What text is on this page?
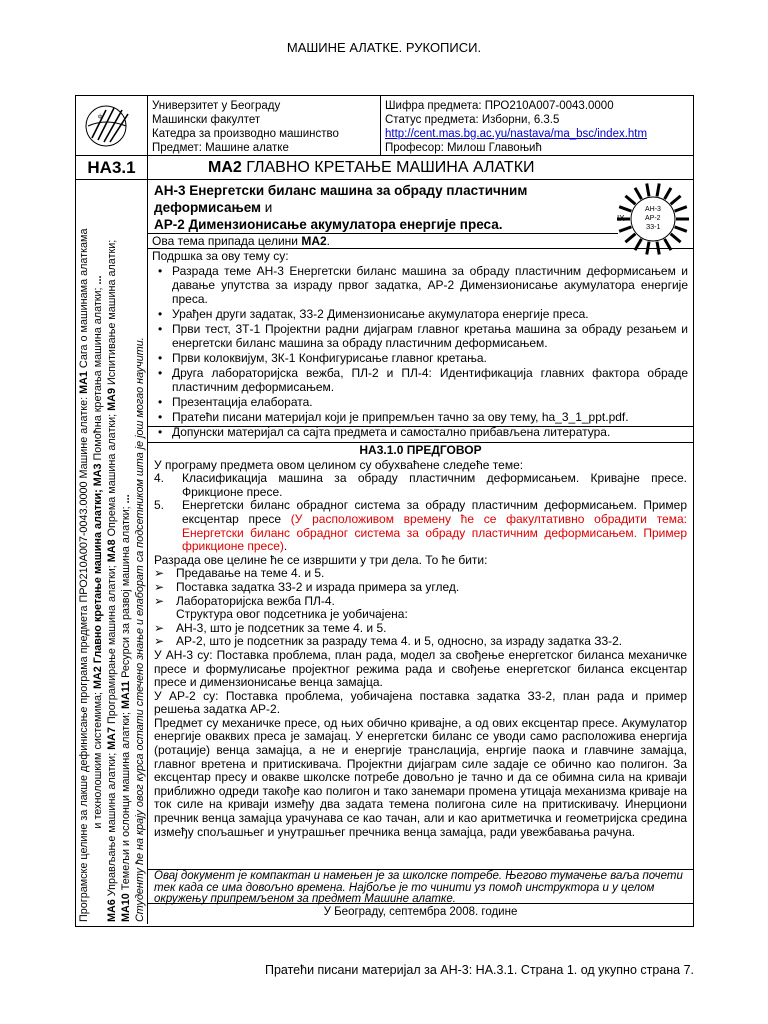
МАШИНЕ АЛАТКЕ. РУКОПИСИ.
ф
Универзитет у Београду
Машински факултет
Катедра за производно машинство
Предмет: Машине алатке
Шифра предмета: ПРО210А007-0043.0000
Статус предмета: Изборни, 6.3.5
http://cent.mas.bg.ac.yu/nastava/ma_bsc/index.htm
Професор: Милош Главоњић
НА3.1	МА2 ГЛАВНО КРЕТАЊЕ МАШИНА АЛАТКИ
Програмске целине за лакше дефинисање програма предмета ПРО210А007-0043.0000 Машине алатке: МА1 Сага о машинама алаткама
и технолошким системима; МА2 Главно кретање машина алатки; МА3 Помоћна кретања машина алатки; ...
МА6 Управљање машина алатки; МА7 Програмирање машина алатки; МА8 Опрема машина алатки; МА9 Испитивање машина алатки;
МА10 Темељи и ослонци машина алатки; МА11 Ресурси за развој машина алатки; ... Студенту ће на крају овог курса остати стечено знање и елаборат са подсетником шта је још могао научити.
АН-3 Енергетски биланс машина за обраду пластичним деформисањем и
АР-2 Димензионисање акумулатора енергије преса.
АН-3
АР-2
З3-1
IX
Ова тема припада целини МА2.
Подршка за ову тему су:
• Разрада теме АН-3 Енергетски биланс машина за обраду пластичним деформисањем и давање упутства за израду првог задатка, АР-2 Димензионисање акумулатора енергије преса.
• Урађен други задатак, З3-2 Димензионисање акумулатора енергије преса.
• Први тест, 3Т-1 Пројектни радни дијаграм главног кретања машина за обраду резањем и енергетски биланс машина за обраду пластичним деформисањем.
• Први колоквијум, 3К-1 Конфигурисање главног кретања.
• Друга лабораторијска вежба, ПЛ-2 и ПЛ-4: Идентификација главних фактора обраде пластичним деформисањем.
• Презентација елабората.
• Пратећи писани материјал који је припремљен тачно за ову тему, ha_3_1_ppt.pdf.
• Допунски материјал са сајта предмета и самостално прибављена литература.
НА3.1.0 ПРЕДГОВОР

У програму предмета овом целином су обухваћене следеће теме:

4.	Класификација машина за обраду пластичним деформисањем. Кривајне пресе. Фрикционе пресе.
5.	Енергетски биланс обрадног система за обраду пластичним деформисањем. Пример ексцентар пресе (У расположивом времену ће се факултативно обрадити тема: Енергетски биланс обрадног система за обраду пластичним деформисањем. Пример фрикционе пресе).

Разрада ове целине ће се извршити у три дела. То ће бити:

➢ Предавање на теме 4. и 5.
➢ Поставка задатка З3-2 и израда примера за углед.
➢ Лабораторијска вежба ПЛ-4.

Структура овог подсетника је уобичајена:

➢ АН-3, што је подсетник за теме 4. и 5.
➢ АР-2, што је подсетник за разраду тема 4. и 5, односно, за израду задатка З3-2.

У АН-3 су: Поставка проблема, план рада, модел за свођење енергетског биланса механичке пресе и формулисање пројектног режима рада и свођење енергетског биланса ексцентар пресе и димензионисање венца замајца.

У АР-2 су: Поставка проблема, уобичајена поставка задатка З3-2, план рада и пример решења задатка АР-2.

Предмет су механичке пресе, од њих обично кривајне, а од ових ексцентар пресе. Акумулатор енергије оваквих преса је замајац. У енергетски биланс се уводи само расположива енергија (ротације) венца замајца, а не и енергије транслација, енргије паока и главчине замајца, главног вретена и притискивача. Пројектни дијаграм силе задаје се обично као полигон. За ексцентар пресу и овакве школске потребе довољно је тачно и да се обимна сила на криваји приближно одреди такође као полигон и тако занемари промена утицаја механизма криваје на ток силе на криваји између два задата темена полигона силе на притискивачу. Инерциони пречник венца замајца урачунава се као тачан, али и као аритметичка и геометријска средина између спољашњег и унутрашњег пречника венца замајца, ради увежбавања рачуна.

Овај документ је компактан и намењен је за школске потребе. Његово тумачење ваља почети тек када се има довољно времена. Најбоље је то чинити уз помоћ инструктора и у целом окружењу припремљеном за предмет Машине алатке.
У Београду, септембра 2008. године
Пратећи писани материјал за АН-3: НА.3.1. Страна 1. од укупно страна 7.
